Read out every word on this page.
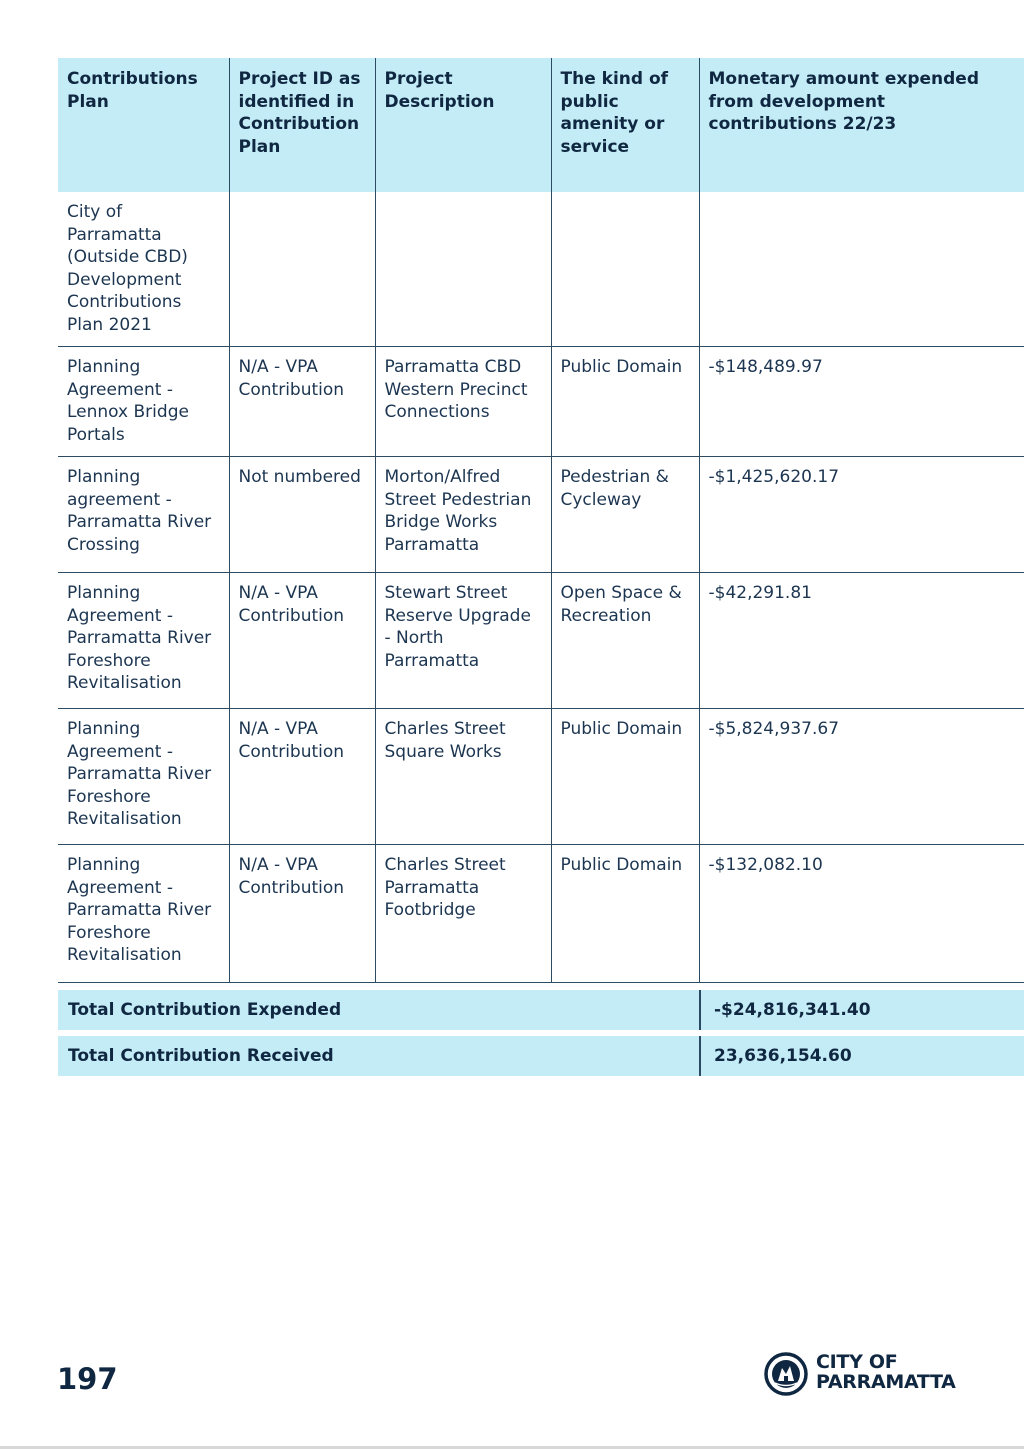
Contributions Plan	Project ID as identified in Contribution Plan	Project Description	The kind of public amenity or service	Monetary amount expended from development contributions 22/23
City of Parramatta (Outside CBD) Development Contributions Plan 2021				
Planning Agreement - Lennox Bridge Portals	N/A - VPA Contribution	Parramatta CBD Western Precinct Connections	Public Domain	-$148,489.97
Planning agreement - Parramatta River Crossing	Not numbered	Morton/Alfred Street Pedestrian Bridge Works Parramatta	Pedestrian & Cycleway	-$1,425,620.17
Planning Agreement - Parramatta River Foreshore Revitalisation	N/A - VPA Contribution	Stewart Street Reserve Upgrade - North Parramatta	Open Space & Recreation	-$42,291.81
Planning Agreement - Parramatta River Foreshore Revitalisation	N/A - VPA Contribution	Charles Street Square Works	Public Domain	-$5,824,937.67
Planning Agreement - Parramatta River Foreshore Revitalisation	N/A - VPA Contribution	Charles Street Parramatta Footbridge	Public Domain	-$132,082.10
Total Contribution Expended	-$24,816,341.40
Total Contribution Received	23,636,154.60
197	CITY OF
PARRAMATTA
